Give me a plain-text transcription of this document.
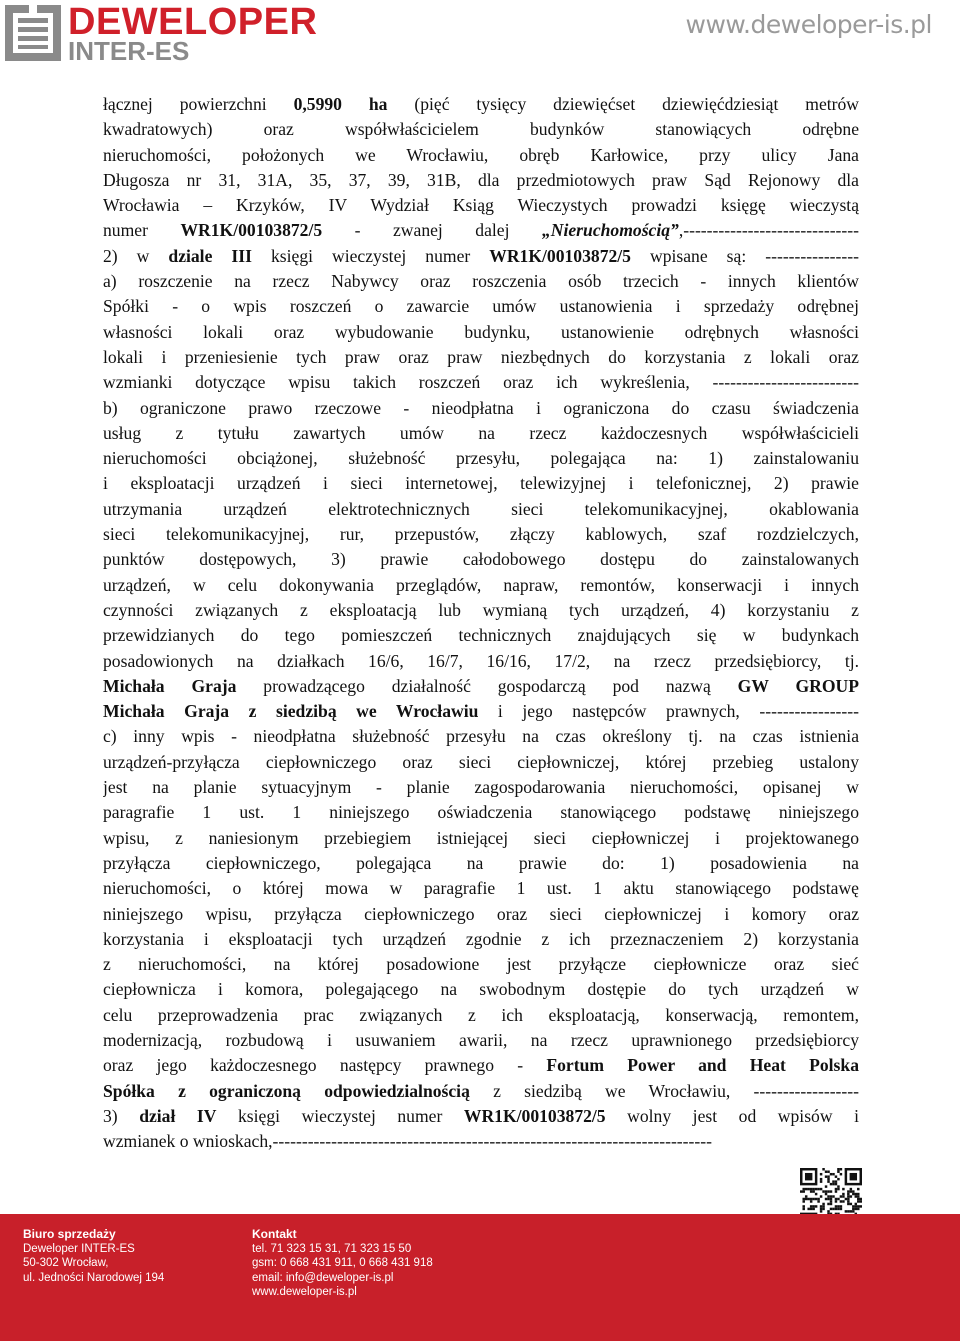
DEWELOPER
INTER-ES
www.deweloper-is.pl
łącznej powierzchni 0,5990 ha (pięć tysięcy dziewięćset dziewięćdziesiąt metrów
kwadratowych) oraz współwłaścicielem budynków stanowiących odrębne
nieruchomości, położonych we Wrocławiu, obręb Karłowice, przy ulicy Jana
Długosza nr 31, 31A, 35, 37, 39, 31B, dla przedmiotowych praw Sąd Rejonowy dla
Wrocławia – Krzyków, IV Wydział Ksiąg Wieczystych prowadzi księgę wieczystą
numer WR1K/00103872/5 - zwanej dalej „Nieruchomością”,------------------------------
2) w dziale III księgi wieczystej numer WR1K/00103872/5 wpisane są: ----------------
a) roszczenie na rzecz Nabywcy oraz roszczenia osób trzecich - innych klientów
Spółki - o wpis roszczeń o zawarcie umów ustanowienia i sprzedaży odrębnej
własności lokali oraz wybudowanie budynku, ustanowienie odrębnych własności
lokali i przeniesienie tych praw oraz praw niezbędnych do korzystania z lokali oraz
wzmianki dotyczące wpisu takich roszczeń oraz ich wykreślenia, -------------------------
b) ograniczone prawo rzeczowe - nieodpłatna i ograniczona do czasu świadczenia
usług z tytułu zawartych umów na rzecz każdoczesnych współwłaścicieli
nieruchomości obciążonej, służebność przesyłu, polegająca na: 1) zainstalowaniu
i eksploatacji urządzeń i sieci internetowej, telewizyjnej i telefonicznej, 2) prawie
utrzymania urządzeń elektrotechnicznych sieci telekomunikacyjnej, okablowania
sieci telekomunikacyjnej, rur, przepustów, złączy kablowych, szaf rozdzielczych,
punktów dostępowych, 3) prawie całodobowego dostępu do zainstalowanych
urządzeń, w celu dokonywania przeglądów, napraw, remontów, konserwacji i innych
czynności związanych z eksploatacją lub wymianą tych urządzeń, 4) korzystaniu z
przewidzianych do tego pomieszczeń technicznych znajdujących się w budynkach
posadowionych na działkach 16/6, 16/7, 16/16, 17/2, na rzecz przedsiębiorcy, tj.
Michała Graja prowadzącego działalność gospodarczą pod nazwą GW GROUP
Michała Graja z siedzibą we Wrocławiu i jego następców prawnych, -----------------
c) inny wpis - nieodpłatna służebność przesyłu na czas określony tj. na czas istnienia
urządzeń-przyłącza ciepłowniczego oraz sieci ciepłowniczej, której przebieg ustalony
jest na planie sytuacyjnym - planie zagospodarowania nieruchomości, opisanej w
paragrafie 1 ust. 1 niniejszego oświadczenia stanowiącego podstawę niniejszego
wpisu, z naniesionym przebiegiem istniejącej sieci ciepłowniczej i projektowanego
przyłącza ciepłowniczego, polegająca na prawie do: 1) posadowienia na
nieruchomości, o której mowa w paragrafie 1 ust. 1 aktu stanowiącego podstawę
niniejszego wpisu, przyłącza ciepłowniczego oraz sieci ciepłowniczej i komory oraz
korzystania i eksploatacji tych urządzeń zgodnie z ich przeznaczeniem 2) korzystania
z nieruchomości, na której posadowione jest przyłącze ciepłownicze oraz sieć
ciepłownicza i komora, polegającego na swobodnym dostępie do tych urządzeń w
celu przeprowadzenia prac związanych z ich eksploatacją, konserwacją, remontem,
modernizacją, rozbudową i usuwaniem awarii, na rzecz uprawnionego przedsiębiorcy
oraz jego każdoczesnego następcy prawnego - Fortum Power and Heat Polska
Spółka z ograniczoną odpowiedzialnością z siedzibą we Wrocławiu, ------------------
3) dział IV księgi wieczystej numer WR1K/00103872/5 wolny jest od wpisów i
wzmianek o wnioskach,---------------------------------------------------------------------------
Biuro sprzedaży
Deweloper INTER-ES
50-302 Wrocław,
ul. Jedności Narodowej 194
Kontakt
tel. 71 323 15 31, 71 323 15 50
gsm: 0 668 431 911, 0 668 431 918
email: info@deweloper-is.pl
www.deweloper-is.pl
